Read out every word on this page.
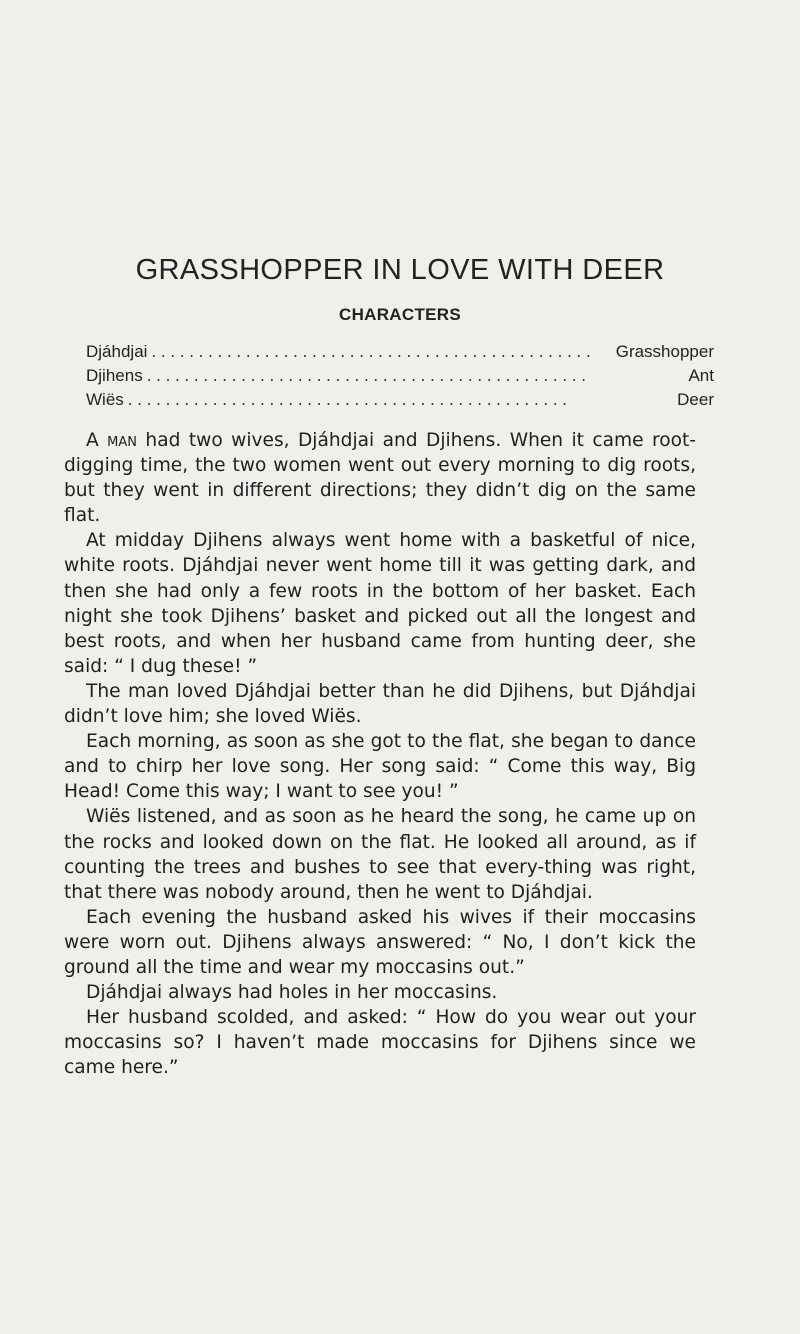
GRASSHOPPER IN LOVE WITH DEER
CHARACTERS
Djáhdjai . . .	Grasshopper
Djihens . . .	Ant
Wiës . . .	Deer

A man had two wives, Djáhdjai and Djihens. When it came root-digging time, the two women went out every morning to dig roots, but they went in different directions; they didn’t dig on the same flat.

At midday Djihens always went home with a basketful of nice, white roots. Djáhdjai never went home till it was getting dark, and then she had only a few roots in the bottom of her basket. Each night she took Djihens’ basket and picked out all the longest and best roots, and when her husband came from hunting deer, she said: “ I dug these! ”

The man loved Djáhdjai better than he did Djihens, but Djáhdjai didn’t love him; she loved Wiës.

Each morning, as soon as she got to the flat, she began to dance and to chirp her love song. Her song said: “ Come this way, Big Head! Come this way; I want to see you! ”

Wiës listened, and as soon as he heard the song, he came up on the rocks and looked down on the flat. He looked all around, as if counting the trees and bushes to see that every-thing was right, that there was nobody around, then he went to Djáhdjai.

Each evening the husband asked his wives if their moccasins were worn out. Djihens always answered: “ No, I don’t kick the ground all the time and wear my moccasins out.”

Djáhdjai always had holes in her moccasins.

Her husband scolded, and asked: “ How do you wear out your moccasins so? I haven’t made moccasins for Djihens since we came here.”
